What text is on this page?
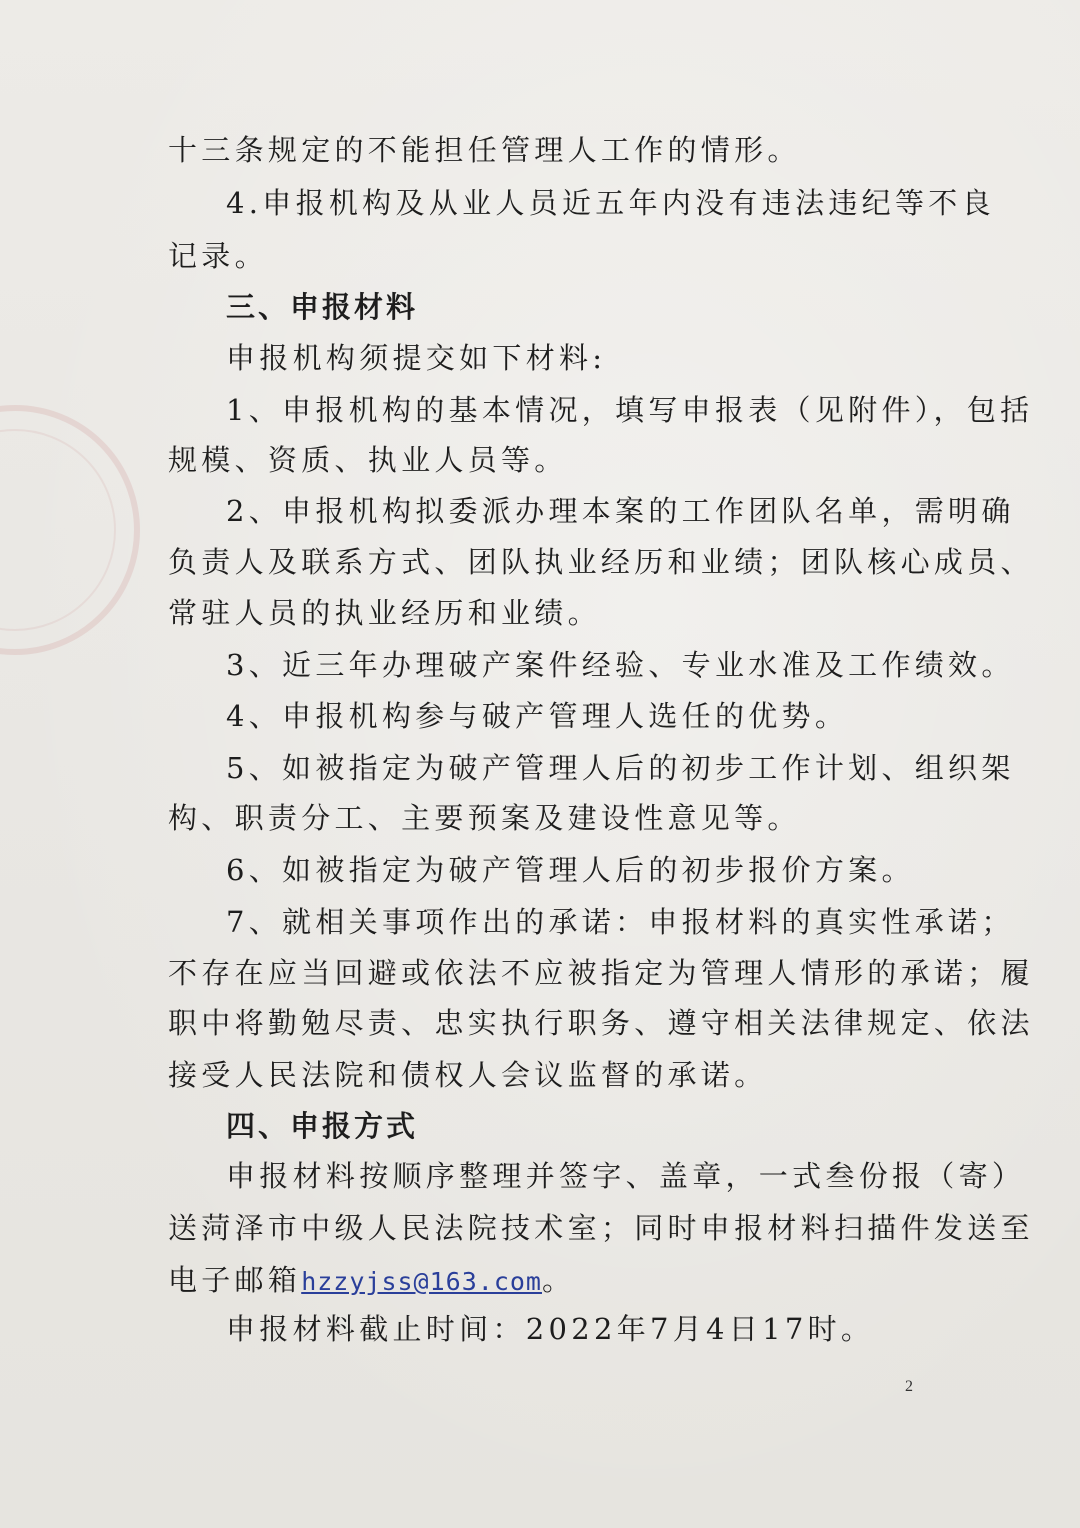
十三条规定的不能担任管理人工作的情形。
4.申报机构及从业人员近五年内没有违法违纪等不良
记录。
三、申报材料
申报机构须提交如下材料:
1、申报机构的基本情况，填写申报表（见附件），包括
规模、资质、执业人员等。
2、申报机构拟委派办理本案的工作团队名单，需明确
负责人及联系方式、团队执业经历和业绩；团队核心成员、
常驻人员的执业经历和业绩。
3、近三年办理破产案件经验、专业水准及工作绩效。
4、申报机构参与破产管理人选任的优势。
5、如被指定为破产管理人后的初步工作计划、组织架
构、职责分工、主要预案及建设性意见等。
6、如被指定为破产管理人后的初步报价方案。
7、就相关事项作出的承诺：申报材料的真实性承诺；
不存在应当回避或依法不应被指定为管理人情形的承诺；履
职中将勤勉尽责、忠实执行职务、遵守相关法律规定、依法
接受人民法院和债权人会议监督的承诺。
四、申报方式
申报材料按顺序整理并签字、盖章，一式叁份报（寄）
送菏泽市中级人民法院技术室；同时申报材料扫描件发送至
电子邮箱hzzyjss@163.com。
申报材料截止时间：2022年7月4日17时。
2
